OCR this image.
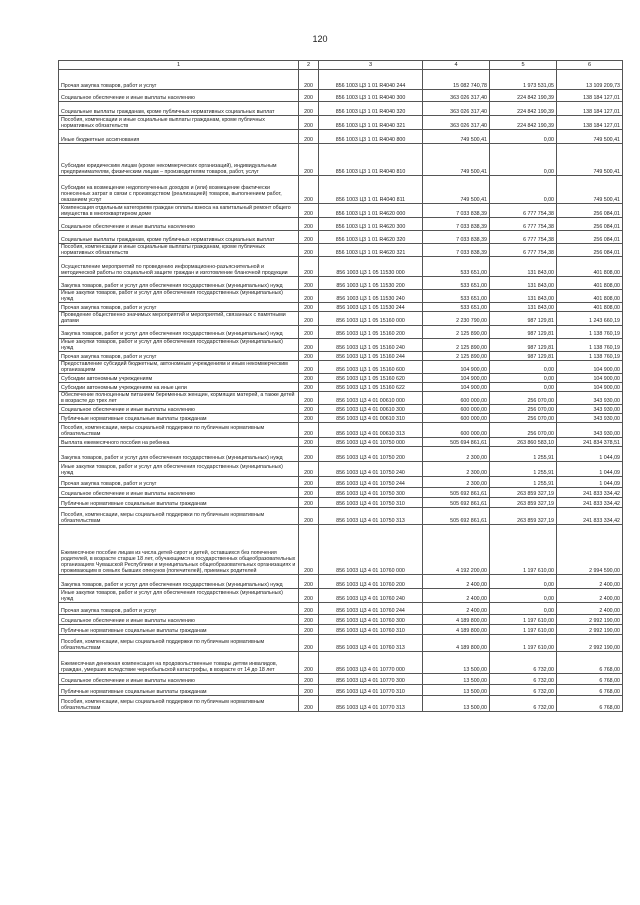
120
1	2	3	4	5	6
Прочая закупка товаров, работ и услуг	200	856 1003 Ц3 1 01 R4040 244	15 082 740,78	1 973 531,05	13 109 209,73
Социальное обеспечение и иные выплаты населению	200	856 1003 Ц3 1 01 R4040 300	363 026 317,40	224 842 190,39	138 184 127,01
Социальные выплаты гражданам, кроме публичных нормативных социальных выплат	200	856 1003 Ц3 1 01 R4040 320	363 026 317,40	224 842 190,39	138 184 127,01
Пособия, компенсации и иные социальные выплаты гражданам, кроме публичных нормативных обязательств	200	856 1003 Ц3 1 01 R4040 321	363 026 317,40	224 842 190,39	138 184 127,01
Иные бюджетные ассигнования	200	856 1003 Ц3 1 01 R4040 800	749 500,41	0,00	749 500,41
Субсидии юридическим лицам (кроме некоммерческих организаций), индивидуальным предпринимателям, физическим лицам – производителям товаров, работ, услуг	200	856 1003 Ц3 1 01 R4040 810	749 500,41	0,00	749 500,41
Субсидии на возмещение недополученных доходов и (или) возмещение фактически понесенных затрат в связи с производством (реализацией) товаров, выполнением работ, оказанием услуг	200	856 1003 Ц3 1 01 R4040 811	749 500,41	0,00	749 500,41
Компенсация отдельным категориям граждан оплаты взноса на капитальный ремонт общего имущества в многоквартирном доме	200	856 1003 Ц3 1 01 R4620 000	7 033 838,39	6 777 754,38	256 084,01
Социальное обеспечение и иные выплаты населению	200	856 1003 Ц3 1 01 R4620 300	7 033 838,39	6 777 754,38	256 084,01
Социальные выплаты гражданам, кроме публичных нормативных социальных выплат	200	856 1003 Ц3 1 01 R4620 320	7 033 838,39	6 777 754,38	256 084,01
Пособия, компенсации и иные социальные выплаты гражданам, кроме публичных нормативных обязательств	200	856 1003 Ц3 1 01 R4620 321	7 033 838,39	6 777 754,38	256 084,01
Осуществление мероприятий по проведению информационно-разъяснительной и методической работы по социальной защите граждан и изготовление бланочной продукции	200	856 1003 Ц3 1 05 11530 000	533 651,00	131 843,00	401 808,00
Закупка товаров, работ и услуг для обеспечения государственных (муниципальных) нужд	200	856 1003 Ц3 1 05 11530 200	533 651,00	131 843,00	401 808,00
Иные закупки товаров, работ и услуг для обеспечения государственных (муниципальных) нужд	200	856 1003 Ц3 1 05 11530 240	533 651,00	131 843,00	401 808,00
Прочая закупка товаров, работ и услуг	200	856 1003 Ц3 1 05 11530 244	533 651,00	131 843,00	401 808,00
Проведение общественно значимых мероприятий и мероприятий, связанных с памятными датами	200	856 1003 Ц3 1 05 15160 000	2 230 790,00	987 129,81	1 243 660,19
Закупка товаров, работ и услуг для обеспечения государственных (муниципальных) нужд	200	856 1003 Ц3 1 05 15160 200	2 125 890,00	987 129,81	1 138 760,19
Иные закупки товаров, работ и услуг для обеспечения государственных (муниципальных) нужд	200	856 1003 Ц3 1 05 15160 240	2 125 890,00	987 129,81	1 138 760,19
Прочая закупка товаров, работ и услуг	200	856 1003 Ц3 1 05 15160 244	2 125 890,00	987 129,81	1 138 760,19
Предоставление субсидий бюджетным, автономным учреждениям и иным некоммерческим организациям	200	856 1003 Ц3 1 05 15160 600	104 900,00	0,00	104 900,00
Субсидии автономным учреждениям	200	856 1003 Ц3 1 05 15160 620	104 900,00	0,00	104 900,00
Субсидии автономным учреждениям на иные цели	200	856 1003 Ц3 1 05 15160 622	104 900,00	0,00	104 900,00
Обеспечение полноценным питанием беременных женщин, кормящих матерей, а также детей в возрасте до трех лет	200	856 1003 Ц3 4 01 00610 000	600 000,00	256 070,00	343 930,00
Социальное обеспечение и иные выплаты населению	200	856 1003 Ц3 4 01 00610 300	600 000,00	256 070,00	343 930,00
Публичные нормативные социальные выплаты гражданам	200	856 1003 Ц3 4 01 00610 310	600 000,00	256 070,00	343 930,00
Пособия, компенсации, меры социальной поддержки по публичным нормативным обязательствам	200	856 1003 Ц3 4 01 00610 313	600 000,00	256 070,00	343 930,00
Выплата ежемесячного пособия на ребенка	200	856 1003 Ц3 4 01 10750 000	505 694 861,61	263 860 583,10	241 834 378,51
Закупка товаров, работ и услуг для обеспечения государственных (муниципальных) нужд	200	856 1003 Ц3 4 01 10750 200	2 300,00	1 255,91	1 044,09
Иные закупки товаров, работ и услуг для обеспечения государственных (муниципальных) нужд	200	856 1003 Ц3 4 01 10750 240	2 300,00	1 255,91	1 044,09
Прочая закупка товаров, работ и услуг	200	856 1003 Ц3 4 01 10750 244	2 300,00	1 255,91	1 044,09
Социальное обеспечение и иные выплаты населению	200	856 1003 Ц3 4 01 10750 300	505 692 861,61	263 859 327,19	241 833 334,42
Публичные нормативные социальные выплаты гражданам	200	856 1003 Ц3 4 01 10750 310	505 692 861,61	263 859 327,19	241 833 334,42
Пособия, компенсации, меры социальной поддержки по публичным нормативным обязательствам	200	856 1003 Ц3 4 01 10750 313	505 692 861,61	263 859 327,19	241 833 334,42
Ежемесячное пособие лицам из числа детей-сирот и детей, оставшихся без попечения родителей, в возрасте старше 18 лет, обучающимся в государственных общеобразовательных организациях Чувашской Республики и муниципальных общеобразовательных организациях и проживающим в семьях бывших опекунов (попечителей), приемных родителей	200	856 1003 Ц3 4 01 10760 000	4 192 200,00	1 197 610,00	2 994 590,00
Закупка товаров, работ и услуг для обеспечения государственных (муниципальных) нужд	200	856 1003 Ц3 4 01 10760 200	2 400,00	0,00	2 400,00
Иные закупки товаров, работ и услуг для обеспечения государственных (муниципальных) нужд	200	856 1003 Ц3 4 01 10760 240	2 400,00	0,00	2 400,00
Прочая закупка товаров, работ и услуг	200	856 1003 Ц3 4 01 10760 244	2 400,00	0,00	2 400,00
Социальное обеспечение и иные выплаты населению	200	856 1003 Ц3 4 01 10760 300	4 189 800,00	1 197 610,00	2 992 190,00
Публичные нормативные социальные выплаты гражданам	200	856 1003 Ц3 4 01 10760 310	4 189 800,00	1 197 610,00	2 992 190,00
Пособия, компенсации, меры социальной поддержки по публичным нормативным обязательствам	200	856 1003 Ц3 4 01 10760 313	4 189 800,00	1 197 610,00	2 992 190,00
Ежемесячная денежная компенсация на продовольственные товары детям инвалидов, граждан, умерших вследствие чернобыльской катастрофы, в возрасте от 14 до 18 лет	200	856 1003 Ц3 4 01 10770 000	13 500,00	6 732,00	6 768,00
Социальное обеспечение и иные выплаты населению	200	856 1003 Ц3 4 01 10770 300	13 500,00	6 732,00	6 768,00
Публичные нормативные социальные выплаты гражданам	200	856 1003 Ц3 4 01 10770 310	13 500,00	6 732,00	6 768,00
Пособия, компенсации, меры социальной поддержки по публичным нормативным обязательствам	200	856 1003 Ц3 4 01 10770 313	13 500,00	6 732,00	6 768,00
